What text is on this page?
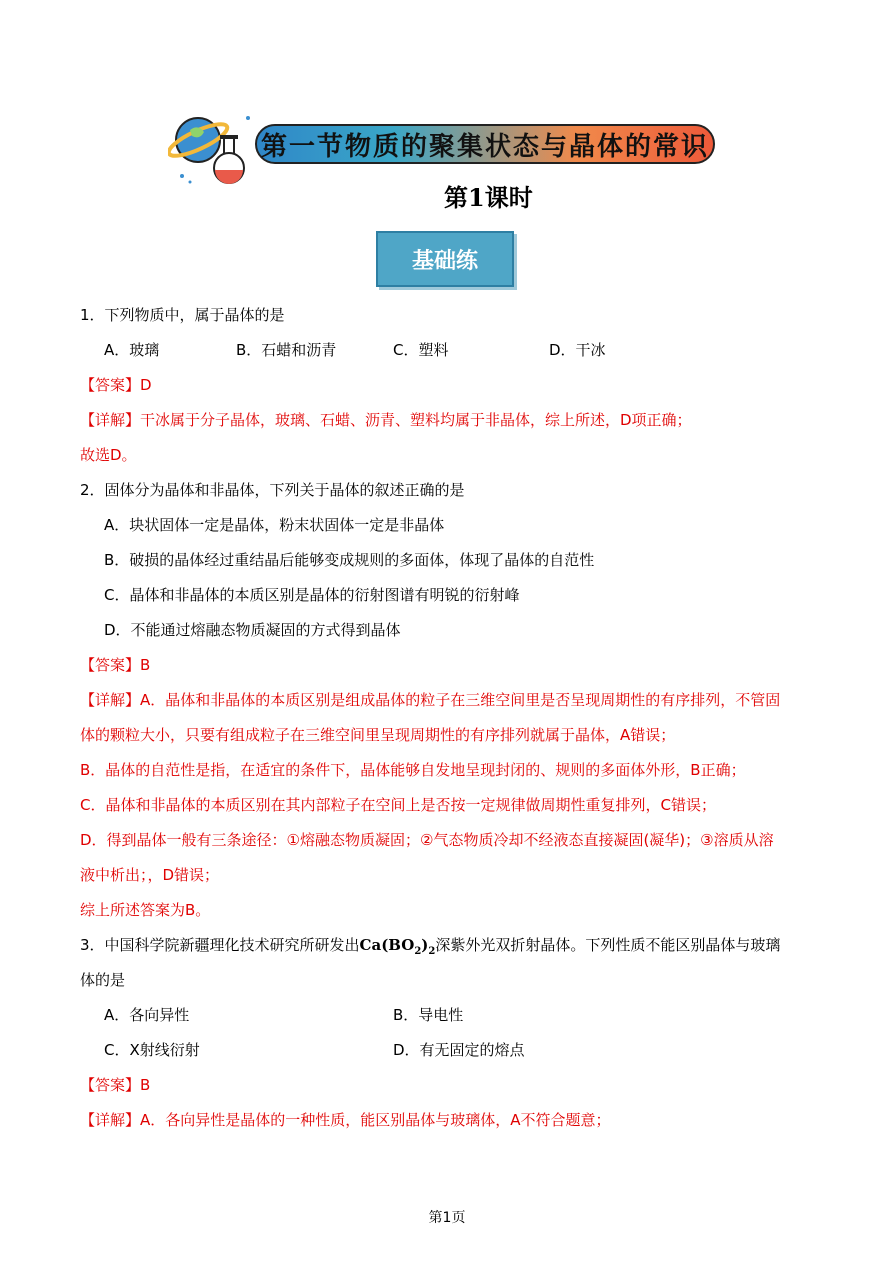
第一节物质的聚集状态与晶体的常识
第1课时
基础练
1．下列物质中，属于晶体的是
A．玻璃	B．石蜡和沥青	C．塑料	D．干冰
【答案】D
【详解】干冰属于分子晶体，玻璃、石蜡、沥青、塑料均属于非晶体，综上所述，D项正确；
故选D。
2．固体分为晶体和非晶体，下列关于晶体的叙述正确的是
A．块状固体一定是晶体，粉末状固体一定是非晶体
B．破损的晶体经过重结晶后能够变成规则的多面体，体现了晶体的自范性
C．晶体和非晶体的本质区别是晶体的衍射图谱有明锐的衍射峰
D．不能通过熔融态物质凝固的方式得到晶体
【答案】B
【详解】A．晶体和非晶体的本质区别是组成晶体的粒子在三维空间里是否呈现周期性的有序排列，不管固
体的颗粒大小，只要有组成粒子在三维空间里呈现周期性的有序排列就属于晶体，A错误；
B．晶体的自范性是指，在适宜的条件下，晶体能够自发地呈现封闭的、规则的多面体外形，B正确；
C．晶体和非晶体的本质区别在其内部粒子在空间上是否按一定规律做周期性重复排列，C错误；
D．得到晶体一般有三条途径：①熔融态物质凝固；②气态物质冷却不经液态直接凝固(凝华)；③溶质从溶
液中析出；，D错误；
综上所述答案为B。
3．中国科学院新疆理化技术研究所研发出$Ca(BO_2)_2$深紫外光双折射晶体。下列性质不能区别晶体与玻璃
体的是
A．各向异性	B．导电性
C．X射线衍射	D．有无固定的熔点
【答案】B
【详解】A．各向异性是晶体的一种性质，能区别晶体与玻璃体，A不符合题意；
第1页
